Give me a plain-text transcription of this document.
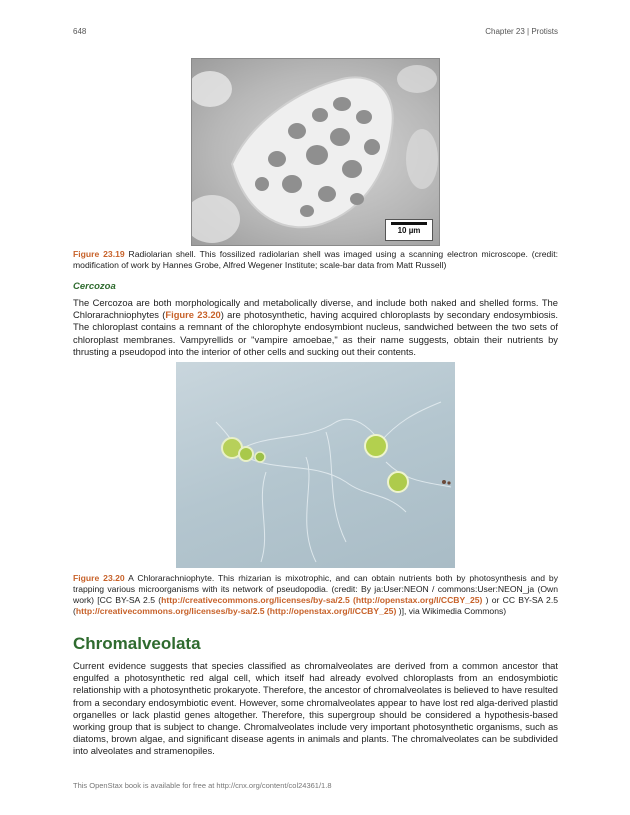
648	Chapter 23 | Protists
10 µm
Figure 23.19 Radiolarian shell. This fossilized radiolarian shell was imaged using a scanning electron microscope. (credit: modification of work by Hannes Grobe, Alfred Wegener Institute; scale-bar data from Matt Russell)
Cercozoa

The Cercozoa are both morphologically and metabolically diverse, and include both naked and shelled forms. The Chlorarachniophytes (Figure 23.20) are photosynthetic, having acquired chloroplasts by secondary endosymbiosis. The chloroplast contains a remnant of the chlorophyte endosymbiont nucleus, sandwiched between the two sets of chloroplast membranes. Vampyrellids or "vampire amoebae," as their name suggests, obtain their nutrients by thrusting a pseudopod into the interior of other cells and sucking out their contents.

Figure 23.20 A Chlorarachniophyte. This rhizarian is mixotrophic, and can obtain nutrients both by photosynthesis and by trapping various microorganisms with its network of pseudopodia. (credit: By ja:User:NEON / commons:User:NEON_ja (Own work) [CC BY-SA 2.5 (http://creativecommons.org/licenses/by-sa/2.5 (http://openstax.org/l/CCBY_25) ) or CC BY-SA 2.5 (http://creativecommons.org/licenses/by-sa/2.5 (http://openstax.org/l/CCBY_25) )], via Wikimedia Commons)
Chromalveolata

Current evidence suggests that species classified as chromalveolates are derived from a common ancestor that engulfed a photosynthetic red algal cell, which itself had already evolved chloroplasts from an endosymbiotic relationship with a photosynthetic prokaryote. Therefore, the ancestor of chromalveolates is believed to have resulted from a secondary endosymbiotic event. However, some chromalveolates appear to have lost red alga-derived plastid organelles or lack plastid genes altogether. Therefore, this supergroup should be considered a hypothesis-based working group that is subject to change. Chromalveolates include very important photosynthetic organisms, such as diatoms, brown algae, and significant disease agents in animals and plants. The chromalveolates can be subdivided into alveolates and stramenopiles.

This OpenStax book is available for free at http://cnx.org/content/col24361/1.8
